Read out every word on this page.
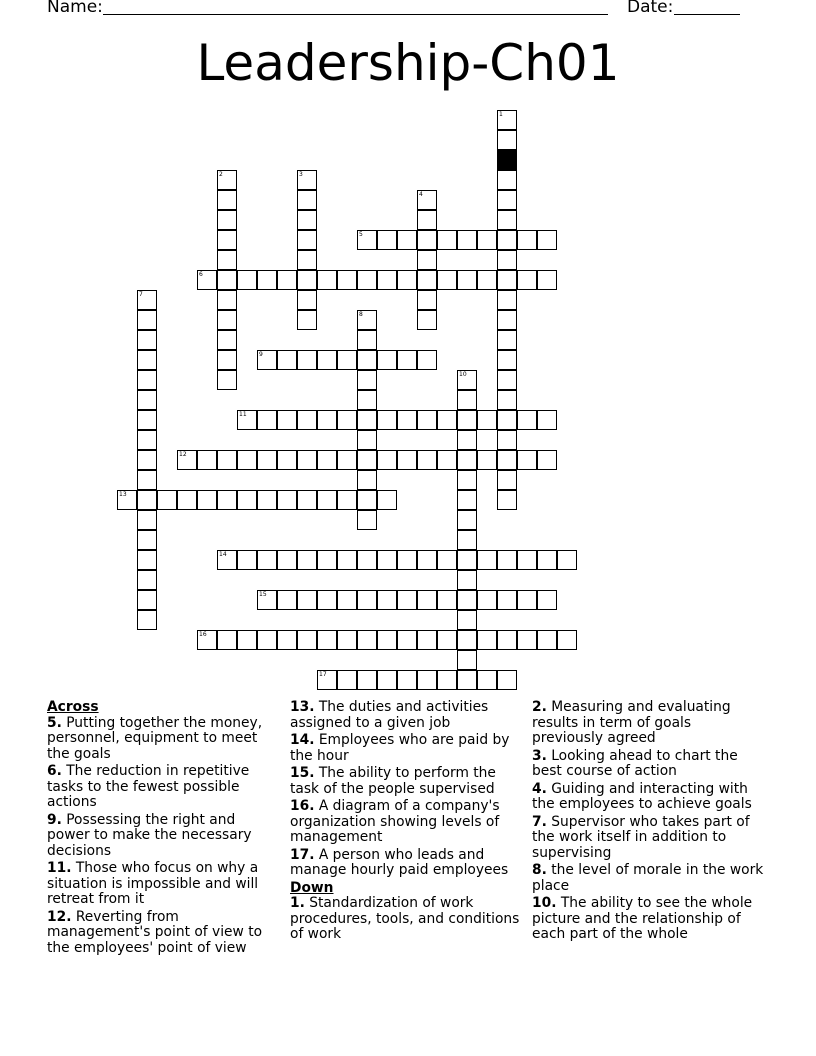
Name:	Date:
Leadership-Ch01
1
2	3
4
5
6
7
8
9
10
11
12
13
14
15
16
17
Across
5. Putting together the money, personnel, equipment to meet the goals
6. The reduction in repetitive tasks to the fewest possible actions
9. Possessing the right and power to make the necessary decisions
11. Those who focus on why a situation is impossible and will retreat from it
12. Reverting from management's point of view to the employees' point of view
13. The duties and activities assigned to a given job
14. Employees who are paid by the hour
15. The ability to perform the task of the people supervised
16. A diagram of a company's organization showing levels of management
17. A person who leads and manage hourly paid employees
Down
1. Standardization of work procedures, tools, and conditions of work
2. Measuring and evaluating results in term of goals previously agreed
3. Looking ahead to chart the best course of action
4. Guiding and interacting with the employees to achieve goals
7. Supervisor who takes part of the work itself in addition to supervising
8. the level of morale in the work place
10. The ability to see the whole picture and the relationship of each part of the whole
